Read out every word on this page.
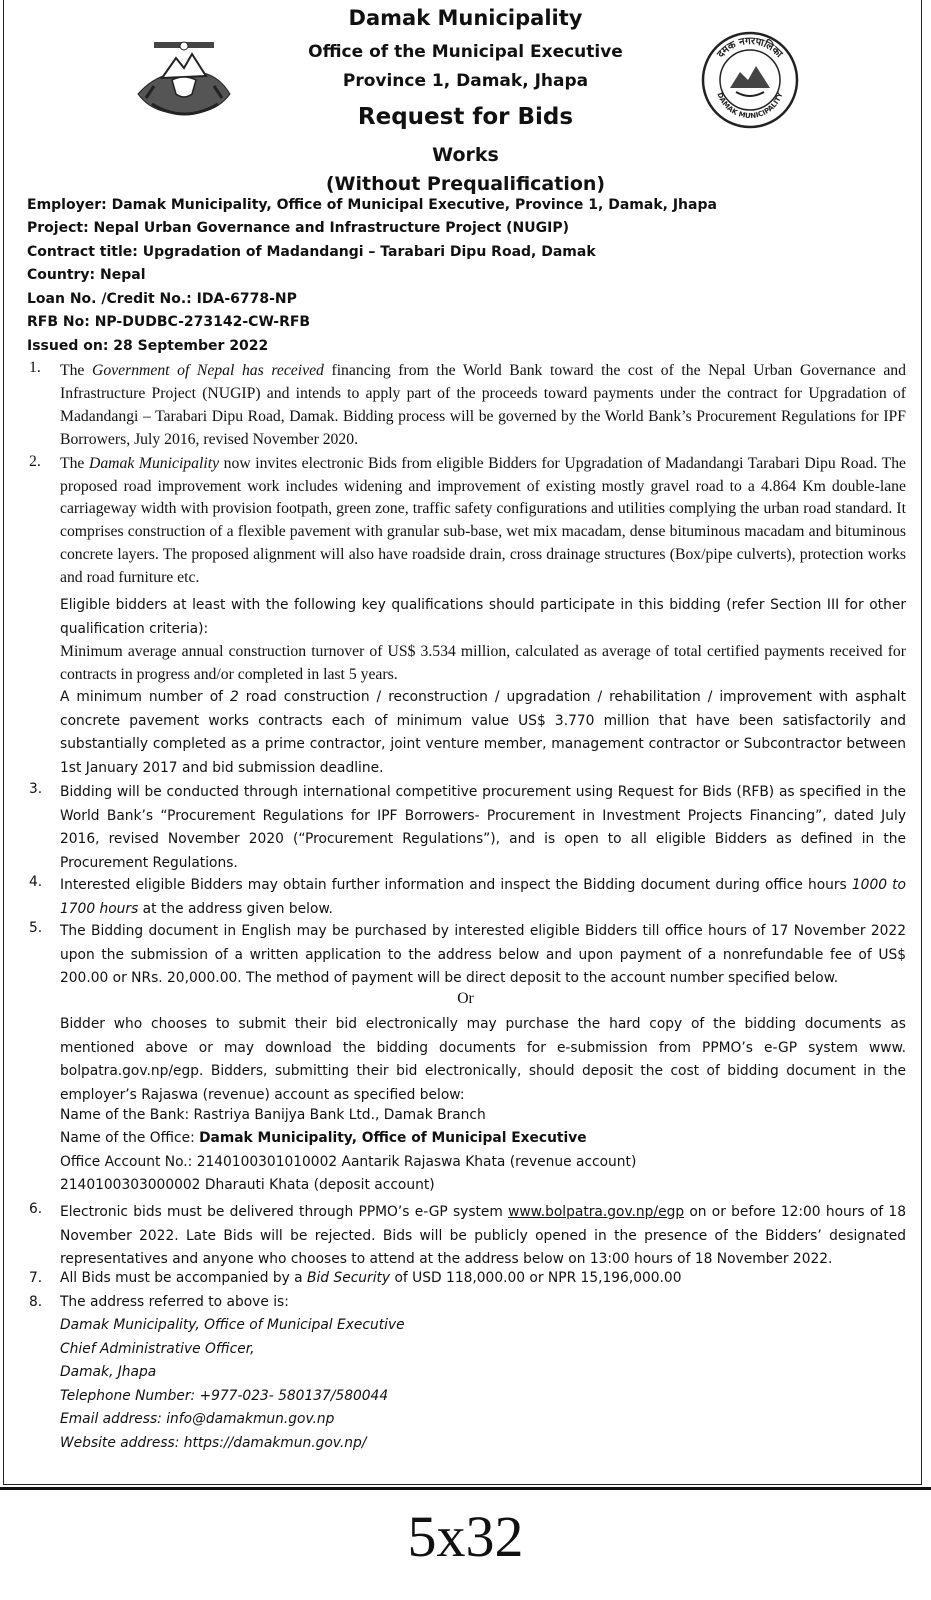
दमक नगरपालिका
DAMAK MUNICIPALITY
Damak Municipality
Office of the Municipal Executive
Province 1, Damak, Jhapa
Request for Bids
Works
(Without Prequalification)
Employer: Damak Municipality, Office of Municipal Executive, Province 1, Damak, Jhapa
Project: Nepal Urban Governance and Infrastructure Project (NUGIP)
Contract title: Upgradation of Madandangi – Tarabari Dipu Road, Damak
Country: Nepal
Loan No. /Credit No.: IDA-6778-NP
RFB No: NP-DUDBC-273142-CW-RFB
Issued on: 28 September 2022
1. The Government of Nepal has received financing from the World Bank toward the cost of the Nepal Urban Governance and Infrastructure Project (NUGIP) and intends to apply part of the proceeds toward payments under the contract for Upgradation of Madandangi – Tarabari Dipu Road, Damak. Bidding process will be governed by the World Bank’s Procurement Regulations for IPF Borrowers, July 2016, revised November 2020.
2. The Damak Municipality now invites electronic Bids from eligible Bidders for Upgradation of Madandangi Tarabari Dipu Road. The proposed road improvement work includes widening and improvement of existing mostly gravel road to a 4.864 Km double-lane carriageway width with provision footpath, green zone, traffic safety configurations and utilities complying the urban road standard. It comprises construction of a flexible pavement with granular sub-base, wet mix macadam, dense bituminous macadam and bituminous concrete layers. The proposed alignment will also have roadside drain, cross drainage structures (Box/pipe culverts), protection works and road furniture etc.
Eligible bidders at least with the following key qualifications should participate in this bidding (refer Section III for other qualification criteria):
Minimum average annual construction turnover of US$ 3.534 million, calculated as average of total certified payments received for contracts in progress and/or completed in last 5 years.
A minimum number of 2 road construction / reconstruction / upgradation / rehabilitation / improvement with asphalt concrete pavement works contracts each of minimum value US$ 3.770 million that have been satisfactorily and substantially completed as a prime contractor, joint venture member, management contractor or Subcontractor between 1st January 2017 and bid submission deadline.
3. Bidding will be conducted through international competitive procurement using Request for Bids (RFB) as specified in the World Bank’s “Procurement Regulations for IPF Borrowers- Procurement in Investment Projects Financing”, dated July 2016, revised November 2020 (“Procurement Regulations”), and is open to all eligible Bidders as defined in the Procurement Regulations.
4. Interested eligible Bidders may obtain further information and inspect the Bidding document during office hours 1000 to 1700 hours at the address given below.
5. The Bidding document in English may be purchased by interested eligible Bidders till office hours of 17 November 2022 upon the submission of a written application to the address below and upon payment of a nonrefundable fee of US$ 200.00 or NRs. 20,000.00. The method of payment will be direct deposit to the account number specified below.
Or
Bidder who chooses to submit their bid electronically may purchase the hard copy of the bidding documents as mentioned above or may download the bidding documents for e-submission from PPMO’s e-GP system www. bolpatra.gov.np/egp. Bidders, submitting their bid electronically, should deposit the cost of bidding document in the employer’s Rajaswa (revenue) account as specified below:
Name of the Bank: Rastriya Banijya Bank Ltd., Damak Branch
Name of the Office: Damak Municipality, Office of Municipal Executive
Office Account No.: 2140100301010002 Aantarik Rajaswa Khata (revenue account)
2140100303000002 Dharauti Khata (deposit account)
6. Electronic bids must be delivered through PPMO’s e-GP system www.bolpatra.gov.np/egp on or before 12:00 hours of 18 November 2022. Late Bids will be rejected. Bids will be publicly opened in the presence of the Bidders’ designated representatives and anyone who chooses to attend at the address below on 13:00 hours of 18 November 2022.
7. All Bids must be accompanied by a Bid Security of USD 118,000.00 or NPR 15,196,000.00
8. The address referred to above is:
Damak Municipality, Office of Municipal Executive
Chief Administrative Officer,
Damak, Jhapa
Telephone Number: +977-023- 580137/580044
Email address: info@damakmun.gov.np
Website address: https://damakmun.gov.np/
5x32
